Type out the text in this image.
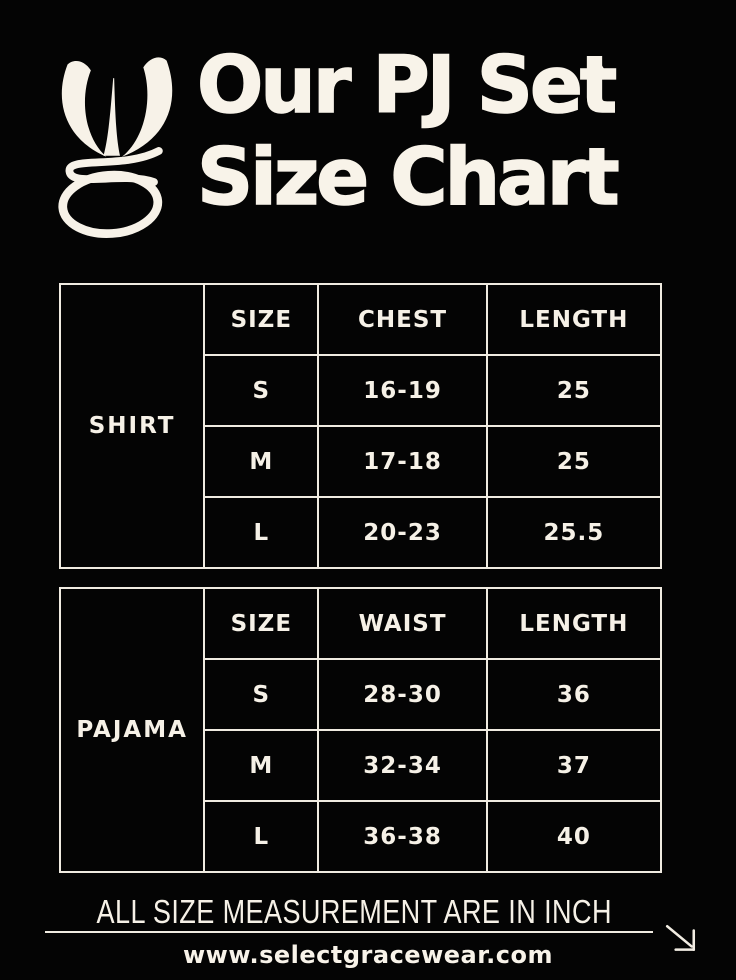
Our PJ Set
Size Chart
SHIRT	SIZE	CHEST	LENGTH
	S	16-19	25
	M	17-18	25
	L	20-23	25.5
PAJAMA	SIZE	WAIST	LENGTH
	S	28-30	36
	M	32-34	37
	L	36-38	40
ALL SIZE MEASUREMENT ARE IN INCH
www.selectgracewear.com
